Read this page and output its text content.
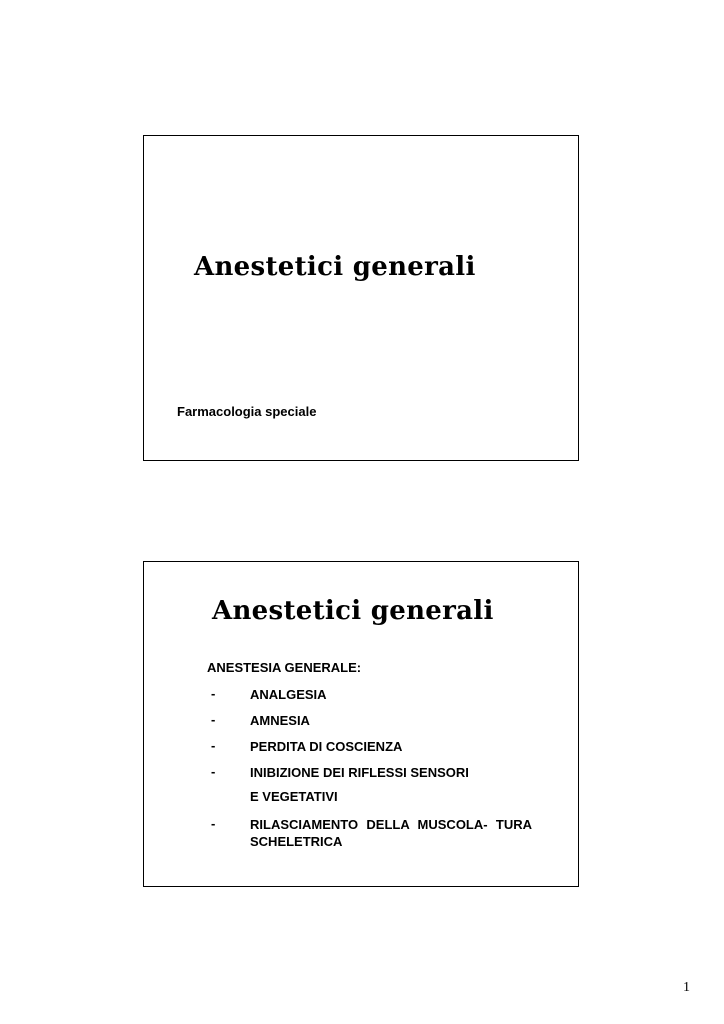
Anestetici generali
Farmacologia speciale
Anestetici generali
ANESTESIA GENERALE:
-	ANALGESIA
-	AMNESIA
-	PERDITA DI COSCIENZA
-	INIBIZIONE DEI RIFLESSI SENSORI
E VEGETATIVI
-	RILASCIAMENTO DELLA MUSCOLA- TURA SCHELETRICA
1
